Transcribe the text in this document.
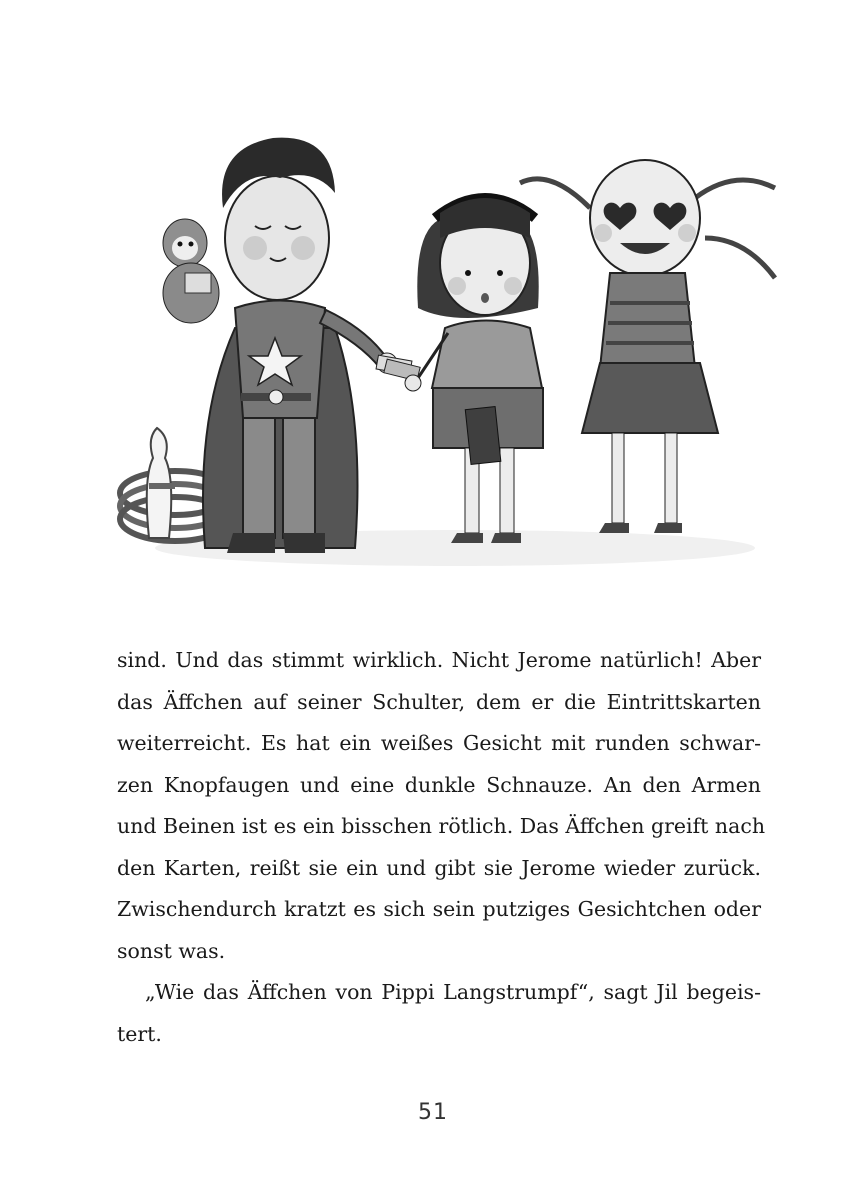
sind. Und das stimmt wirklich. Nicht Jerome natürlich! Aber
das Äffchen auf seiner Schulter, dem er die Eintrittskarten
weiterreicht. Es hat ein weißes Gesicht mit runden schwar-
zen Knopfaugen und eine dunkle Schnauze. An den Armen
und Beinen ist es ein bisschen rötlich. Das Äffchen greift nach
den Karten, reißt sie ein und gibt sie Jerome wieder zurück.
Zwischendurch kratzt es sich sein putziges Gesichtchen oder
sonst was.
„Wie das Äffchen von Pippi Langstrumpf“, sagt Jil begeis-
tert.
51
